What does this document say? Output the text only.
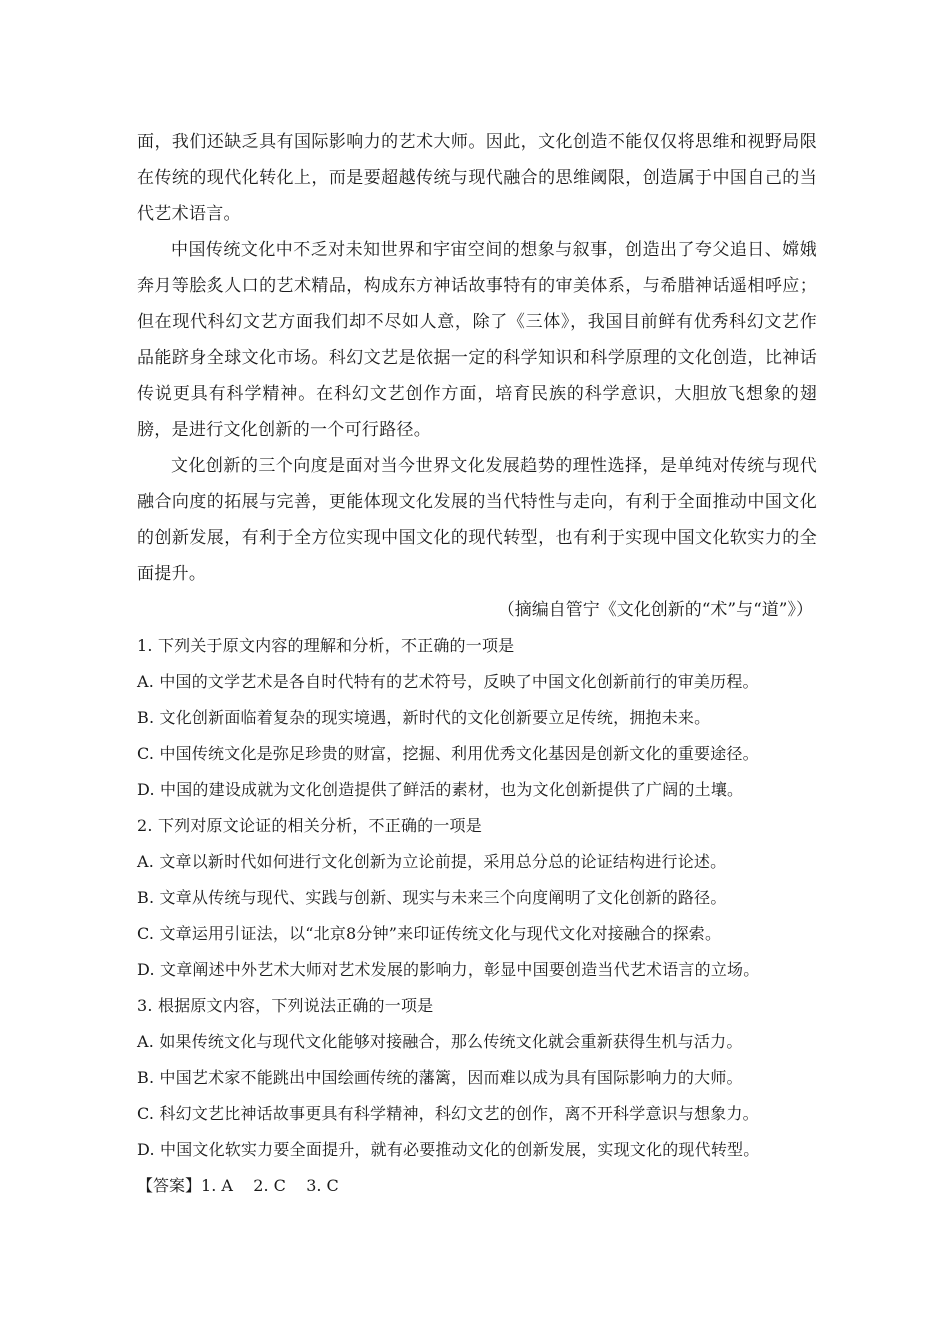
面，我们还缺乏具有国际影响力的艺术大师。因此，文化创造不能仅仅将思维和视野局限在传统的现代化转化上，而是要超越传统与现代融合的思维阈限，创造属于中国自己的当代艺术语言。

中国传统文化中不乏对未知世界和宇宙空间的想象与叙事，创造出了夸父追日、嫦娥奔月等脍炙人口的艺术精品，构成东方神话故事特有的审美体系，与希腊神话遥相呼应；但在现代科幻文艺方面我们却不尽如人意，除了《三体》，我国目前鲜有优秀科幻文艺作品能跻身全球文化市场。科幻文艺是依据一定的科学知识和科学原理的文化创造，比神话传说更具有科学精神。在科幻文艺创作方面，培育民族的科学意识，大胆放飞想象的翅膀，是进行文化创新的一个可行路径。

文化创新的三个向度是面对当今世界文化发展趋势的理性选择，是单纯对传统与现代融合向度的拓展与完善，更能体现文化发展的当代特性与走向，有利于全面推动中国文化的创新发展，有利于全方位实现中国文化的现代转型，也有利于实现中国文化软实力的全面提升。

（摘编自管宁《文化创新的“术”与“道”》）

1. 下列关于原文内容的理解和分析，不正确的一项是

A. 中国的文学艺术是各自时代特有的艺术符号，反映了中国文化创新前行的审美历程。

B. 文化创新面临着复杂的现实境遇，新时代的文化创新要立足传统，拥抱未来。

C. 中国传统文化是弥足珍贵的财富，挖掘、利用优秀文化基因是创新文化的重要途径。

D. 中国的建设成就为文化创造提供了鲜活的素材，也为文化创新提供了广阔的土壤。

2. 下列对原文论证的相关分析，不正确的一项是

A. 文章以新时代如何进行文化创新为立论前提，采用总分总的论证结构进行论述。

B. 文章从传统与现代、实践与创新、现实与未来三个向度阐明了文化创新的路径。

C. 文章运用引证法，以“北京8分钟”来印证传统文化与现代文化对接融合的探索。

D. 文章阐述中外艺术大师对艺术发展的影响力，彰显中国要创造当代艺术语言的立场。

3. 根据原文内容，下列说法正确的一项是

A. 如果传统文化与现代文化能够对接融合，那么传统文化就会重新获得生机与活力。

B. 中国艺术家不能跳出中国绘画传统的藩篱，因而难以成为具有国际影响力的大师。

C. 科幻文艺比神话故事更具有科学精神，科幻文艺的创作，离不开科学意识与想象力。

D. 中国文化软实力要全面提升，就有必要推动文化的创新发展，实现文化的现代转型。

【答案】1. A    2. C    3. C
